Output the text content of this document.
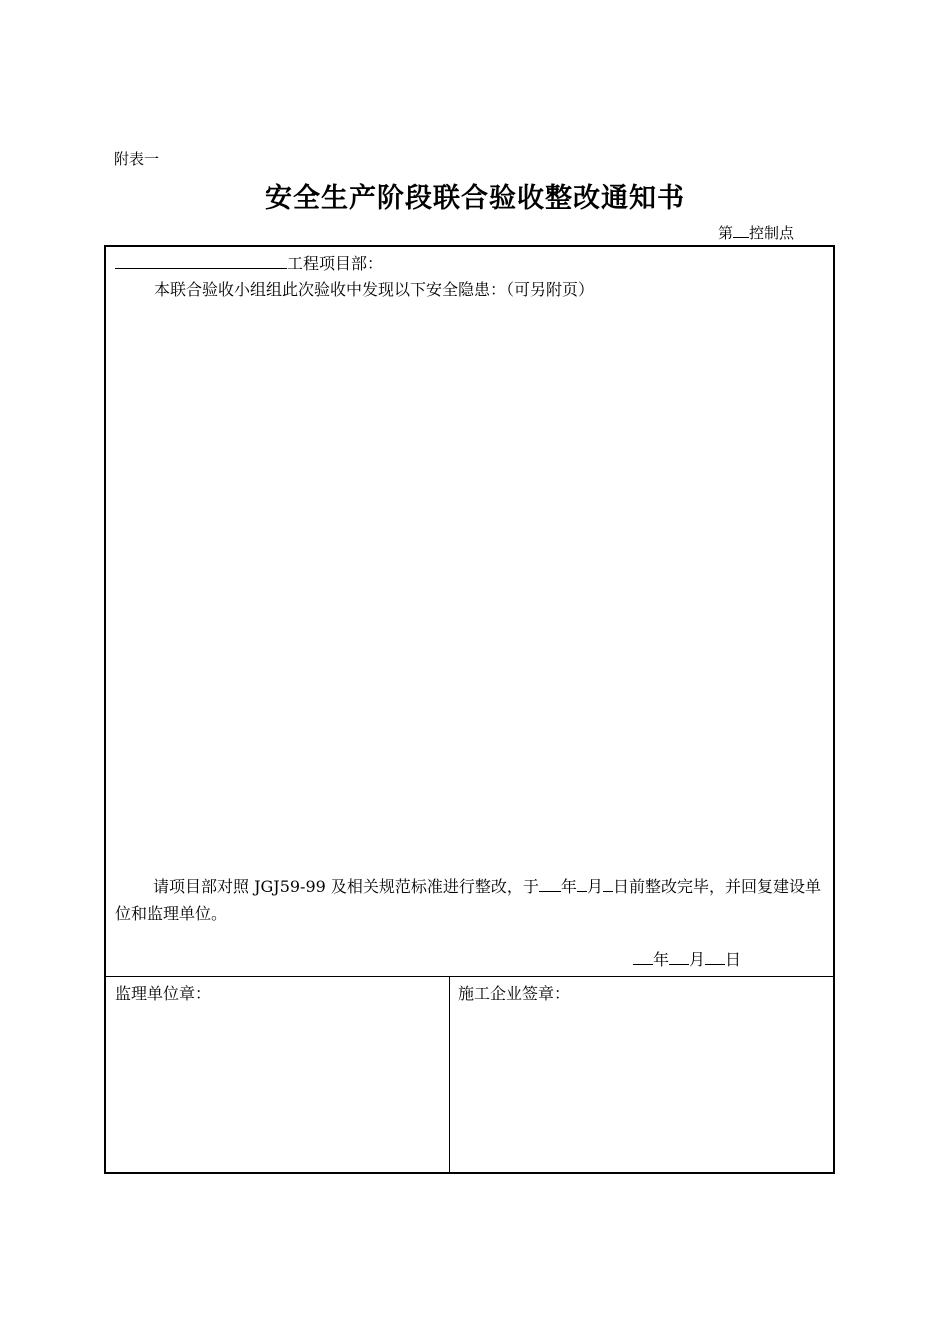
附表一
安全生产阶段联合验收整改通知书
第 控制点
工程项目部：
本联合验收小组组此次验收中发现以下安全隐患：（可另附页）
请项目部对照 JGJ59-99 及相关规范标准进行整改，于 年 月 日前整改完毕，并回复建设单位和监理单位。
年 月 日
监理单位章：	施工企业签章：
